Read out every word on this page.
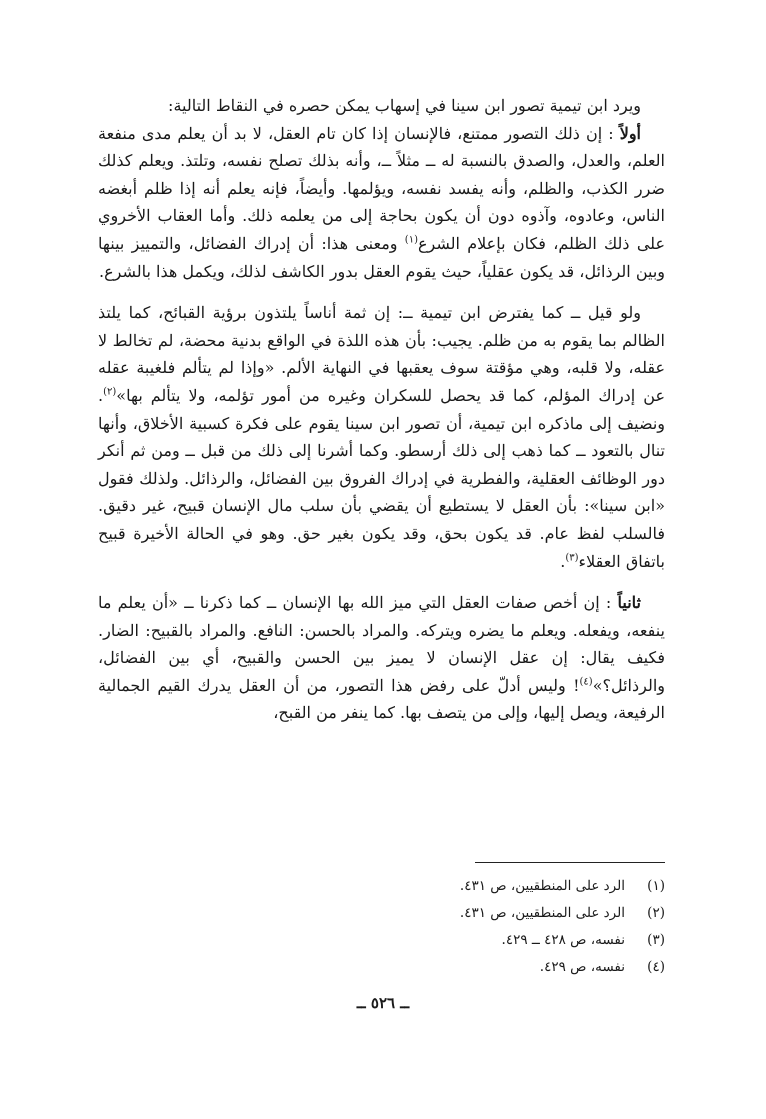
ويرد ابن تيمية تصور ابن سينا في إسهاب يمكن حصره في النقاط التالية:

أولاً : إن ذلك التصور ممتنع، فالإنسان إذا كان تام العقل، لا بد أن يعلم مدى منفعة العلم، والعدل، والصدق بالنسبة له ــ مثلاً ــ، وأنه بذلك تصلح نفسه، وتلتذ. ويعلم كذلك ضرر الكذب، والظلم، وأنه يفسد نفسه، ويؤلمها. وأيضاً، فإنه يعلم أنه إذا ظلم أبغضه الناس، وعادوه، وآذوه دون أن يكون بحاجة إلى من يعلمه ذلك. وأما العقاب الأخروي على ذلك الظلم، فكان بإعلام الشرع$^{(١)}$ ومعنى هذا: أن إدراك الفضائل، والتمييز بينها وبين الرذائل، قد يكون عقلياً، حيث يقوم العقل بدور الكاشف لذلك، ويكمل هذا بالشرع.

ولو قيل ــ كما يفترض ابن تيمية ــ: إن ثمة أناساً يلتذون برؤية القبائح، كما يلتذ الظالم بما يقوم به من ظلم. يجيب: بأن هذه اللذة في الواقع بدنية محضة، لم تخالط لا عقله، ولا قلبه، وهي مؤقتة سوف يعقبها في النهاية الألم. «وإذا لم يتألم فلغيبة عقله عن إدراك المؤلم، كما قد يحصل للسكران وغيره من أمور تؤلمه، ولا يتألم بها»$^{(٢)}$. ونضيف إلى ماذكره ابن تيمية، أن تصور ابن سينا يقوم على فكرة كسبية الأخلاق، وأنها تنال بالتعود ــ كما ذهب إلى ذلك أرسطو. وكما أشرنا إلى ذلك من قبل ــ ومن ثم أنكر دور الوظائف العقلية، والفطرية في إدراك الفروق بين الفضائل، والرذائل. ولذلك فقول «ابن سينا»: بأن العقل لا يستطيع أن يقضي بأن سلب مال الإنسان قبيح، غير دقيق. فالسلب لفظ عام. قد يكون بحق، وقد يكون بغير حق. وهو في الحالة الأخيرة قبيح باتفاق العقلاء$^{(٣)}$.

ثانياً : إن أخص صفات العقل التي ميز الله بها الإنسان ــ كما ذكرنا ــ «أن يعلم ما ينفعه، ويفعله. ويعلم ما يضره ويتركه. والمراد بالحسن: النافع. والمراد بالقبيح: الضار. فكيف يقال: إن عقل الإنسان لا يميز بين الحسن والقبيح، أي بين الفضائل، والرذائل؟»$^{(٤)}$! وليس أدلّ على رفض هذا التصور، من أن العقل يدرك القيم الجمالية الرفيعة، ويصل إليها، وإلى من يتصف بها. كما ينفر من القبح،

(١)
الرد على المنطقيين، ص ٤٣١.
(٢)
الرد على المنطقيين، ص ٤٣١.
(٣)
نفسه، ص ٤٢٨ ــ ٤٢٩.
(٤)
نفسه، ص ٤٢٩.
ــ ٥٢٦ ــ
